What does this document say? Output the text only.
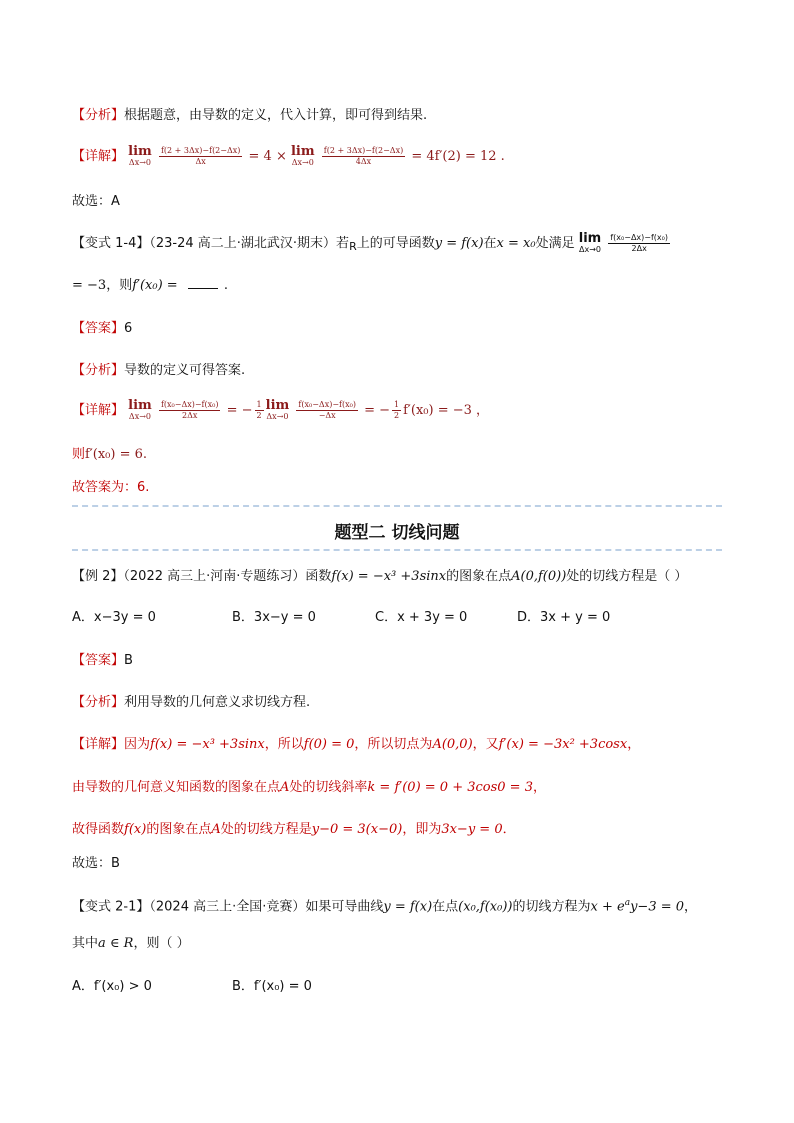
【分析】根据题意，由导数的定义，代入计算，即可得到结果.
【详解】 lim
Δx→0
$\frac{f(2 + 3\Delta x)-f(2-\Delta x)}{\Delta x} = 4 \times \lim$
Δx→0
$\frac{f(2 + 3\Delta x)-f(2-\Delta x)}{4\Delta x} = 4f'(2) = 12$ .
故选：A
【变式 1-4】（23-24 高二上·湖北武汉·期末）若$_R$上的可导函数y = f(x)在x = x₀处满足 lim
Δx→0
$\frac{\text{f(x₀−Δx)−f(x₀)}}{2\Delta x}$
= −3，则f′(x₀) =	.
【答案】6
【分析】导数的定义可得答案.
【详解】 lim
Δx→0
$\frac{\text{f(x₀−Δx)−f(x₀)}}{2\Delta x}$ = − $\frac{1}{2}$ lim
Δx→0
$\frac{\text{f(x₀−Δx)−f(x₀)}}{-\Delta x}$ = − $\frac{1}{2} f'(x_0) = -3$ ，
则f′(x₀) = 6.
故答案为：6.
题型二 切线问题
【例 2】（2022 高三上·河南·专题练习）函数f(x) = −x³ +3sinx的图象在点A(0,f(0))处的切线方程是（ ）
A．x−3y = 0	B．3x−y = 0	C．x + 3y = 0	D．3x + y = 0
【答案】B
【分析】利用导数的几何意义求切线方程.
【详解】因为f(x) = −x³ +3sinx，所以f(0) = 0，所以切点为A(0,0)，又f′(x) = −3x² +3cosx，
由导数的几何意义知函数的图象在点A处的切线斜率k = f′(0) = 0 + 3cos0 = 3，
故得函数f(x)的图象在点A处的切线方程是y−0 = 3(x−0)，即为3x−y = 0．
故选：B
【变式 2-1】（2024 高三上·全国·竞赛）如果可导曲线y = f(x)在点(x₀,f(x₀))的切线方程为$x + e^ay-3 = 0$，
其中a ∈ R，则（ ）
A．f′(x₀) > 0	B．f′(x₀) = 0
